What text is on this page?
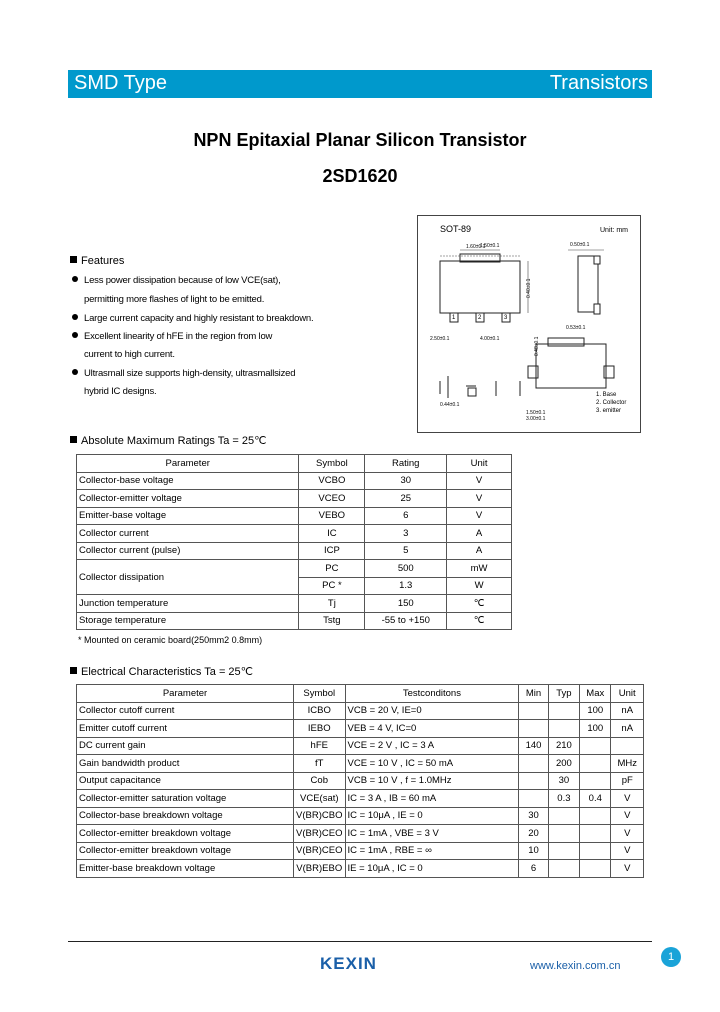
SMD Type	Transistors
NPN Epitaxial Planar Silicon Transistor
2SD1620
Features
Less power dissipation because of low VCE(sat),
permitting more flashes of light to be emitted.
Large current capacity and highly resistant to breakdown.
Excellent linearity of hFE in the region from low
current to high current.
Ultrasmall size supports high-density, ultrasmallsized
hybrid IC designs.
SOT-89	Unit: mm
1.60±0.1
1.50±0.1
1	2	3
2.50±0.1	4.00±0.1
0.40±0.1
0.48±0.1
0.50±0.1
0.53±0.1
0.44±0.1
1.50±0.1
3.00±0.1
1. Base
2. Collector
3. emitter
Absolute Maximum Ratings Ta = 25℃
Parameter	Symbol	Rating	Unit
Collector-base voltage	VCBO	30	V
Collector-emitter voltage	VCEO	25	V
Emitter-base voltage	VEBO	6	V
Collector current	IC	3	A
Collector current (pulse)	ICP	5	A
Collector dissipation	PC	500	mW
	PC *	1.3	W
Junction temperature	Tj	150	℃
Storage temperature	Tstg	-55 to +150	℃
* Mounted on ceramic board(250mm2 0.8mm)
Electrical Characteristics Ta = 25℃
Parameter	Symbol	Testconditons	Min	Typ	Max	Unit
Collector cutoff current	ICBO	VCB = 20 V, IE=0			100	nA
Emitter cutoff current	IEBO	VEB = 4 V, IC=0			100	nA
DC current gain	hFE	VCE = 2 V , IC = 3 A	140	210		
Gain bandwidth product	fT	VCE = 10 V , IC = 50 mA		200		MHz
Output capacitance	Cob	VCB = 10 V , f = 1.0MHz		30		pF
Collector-emitter saturation voltage	VCE(sat)	IC = 3 A , IB = 60 mA		0.3	0.4	V
Collector-base breakdown voltage	V(BR)CBO	IC = 10μA , IE = 0	30			V
Collector-emitter breakdown voltage	V(BR)CEO	IC = 1mA , VBE = 3 V	20			V
Collector-emitter breakdown voltage	V(BR)CEO	IC = 1mA , RBE = ∞	10			V
Emitter-base breakdown voltage	V(BR)EBO	IE = 10μA , IC = 0	6			V
1
KEXIN	www.kexin.com.cn
